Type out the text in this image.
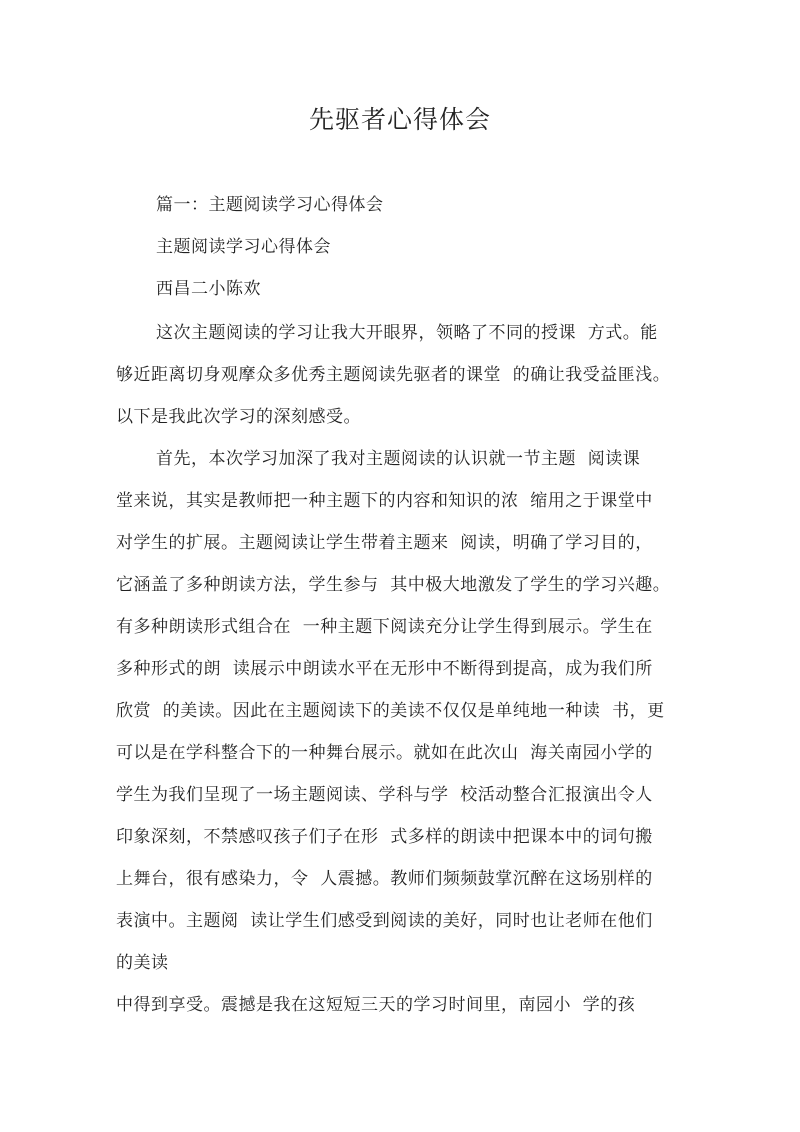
先驱者心得体会
篇一：主题阅读学习心得体会
主题阅读学习心得体会
西昌二小陈欢
这次主题阅读的学习让我大开眼界，领略了不同的授课  方式。能
够近距离切身观摩众多优秀主题阅读先驱者的课堂  的确让我受益匪浅。
以下是我此次学习的深刻感受。
首先，本次学习加深了我对主题阅读的认识就一节主题  阅读课
堂来说，其实是教师把一种主题下的内容和知识的浓  缩用之于课堂中
对学生的扩展。主题阅读让学生带着主题来  阅读，明确了学习目的，
它涵盖了多种朗读方法，学生参与  其中极大地激发了学生的学习兴趣。
有多种朗读形式组合在  一种主题下阅读充分让学生得到展示。学生在
多种形式的朗  读展示中朗读水平在无形中不断得到提高，成为我们所
欣赏  的美读。因此在主题阅读下的美读不仅仅是单纯地一种读  书，更
可以是在学科整合下的一种舞台展示。就如在此次山  海关南园小学的
学生为我们呈现了一场主题阅读、学科与学  校活动整合汇报演出令人
印象深刻，不禁感叹孩子们子在形  式多样的朗读中把课本中的词句搬
上舞台，很有感染力，令  人震撼。教师们频频鼓掌沉醉在这场别样的
表演中。主题阅  读让学生们感受到阅读的美好，同时也让老师在他们
的美读
中得到享受。震撼是我在这短短三天的学习时间里，南园小  学的孩
